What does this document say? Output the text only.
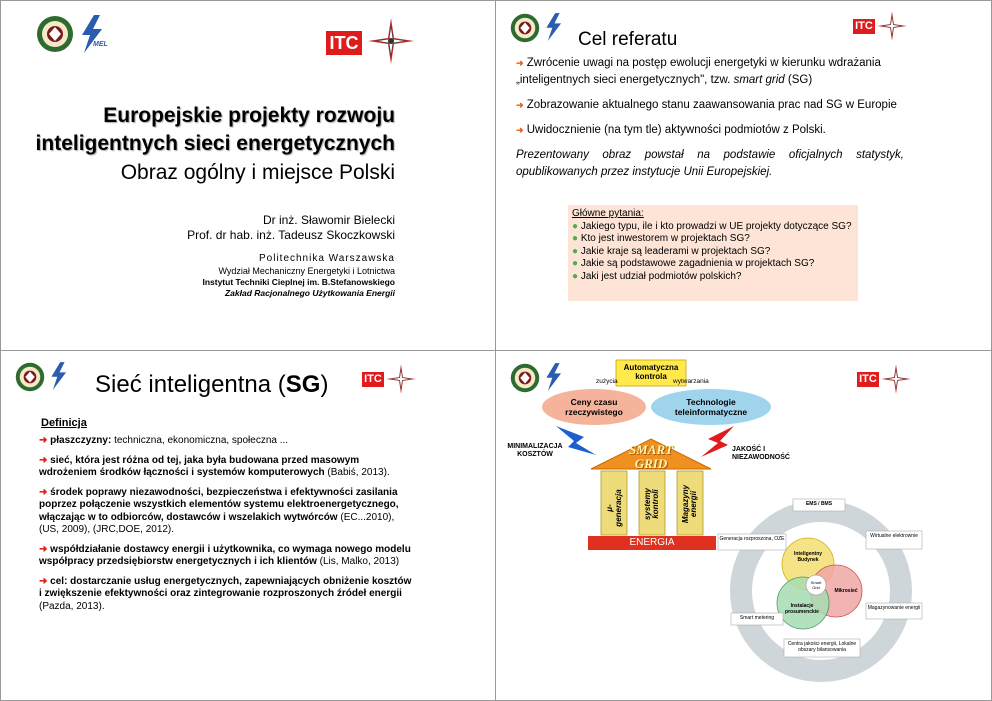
MEL	ITC

Europejskie projekty rozwoju

inteligentnych sieci energetycznych

Obraz ogólny i miejsce Polski

Dr inż. Sławomir Bielecki

Prof. dr hab. inż. Tadeusz Skoczkowski

Politechnika Warszawska

Wydział Mechaniczny Energetyki i Lotnictwa

Instytut Techniki Cieplnej im. B.Stefanowskiego

Zakład Racjonalnego Użytkowania Energii

Cel referatu

ITC

➜ Zwrócenie uwagi na postęp ewolucji energetyki w kierunku wdrażania „inteligentnych sieci energetycznych", tzw. smart grid (SG)

➜ Zobrazowanie aktualnego stanu zaawansowania prac nad SG w Europie

➜ Uwidocznienie (na tym tle) aktywności podmiotów z Polski.

Prezentowany obraz powstał na podstawie oficjalnych statystyk, opublikowanych przez instytucje Unii Europejskiej.

Główne pytania:

● Jakiego typu, ile i kto prowadzi w UE projekty dotyczące SG?

● Kto jest inwestorem w projektach SG?

● Jakie kraje są leaderami w projektach SG?

● Jakie są podstawowe zagadnienia w projektach SG?

● Jaki jest udział podmiotów polskich?

Sieć inteligentna (SG)	ITC

Definicja

➜ płaszczyzny: techniczna, ekonomiczna, społeczna ...

➜ sieć, która jest różna od tej, jaka była budowana przed masowym wdrożeniem środków łączności i systemów komputerowych (Babiś, 2013).

➜ środek poprawy niezawodności, bezpieczeństwa i efektywności zasilania poprzez połączenie wszystkich elementów systemu elektroenergetycznego, włączając w to odbiorców, dostawców i wszelakich wytwórców (EC...2010), (US, 2009), (JRC,DOE, 2012).

➜ współdziałanie dostawcy energii i użytkownika, co wymaga nowego modelu współpracy przedsiębiorstw energetycznych i ich klientów (Lis, Malko, 2013)

➜ cel: dostarczanie usług energetycznych, zapewniających obniżenie kosztów i zwiększenie efektywności oraz zintegrowanie rozproszonych źródeł energii (Pazda, 2013).

ITC

Automatyczna kontrola

zużycia	wytwarzania

Ceny czasu rzeczywistego

Technologie teleinformatyczne

MINIMALIZACJA KOSZTÓW

JAKOŚĆ I NIEZAWODNOŚĆ

SMART GRID

μ- generacja	systemy kontroli	Magazyny energii

ENERGIA

EMS / BMS

Wirtualne elektrownie

Generacja rozproszona, OZE

Inteligentny Budynek

Smart Grid

Mikrosieć

Instalacje prosumenckie

Magazynowanie energii

Smart metering

Centra jakości energii, Lokalne obszary bilansowania
